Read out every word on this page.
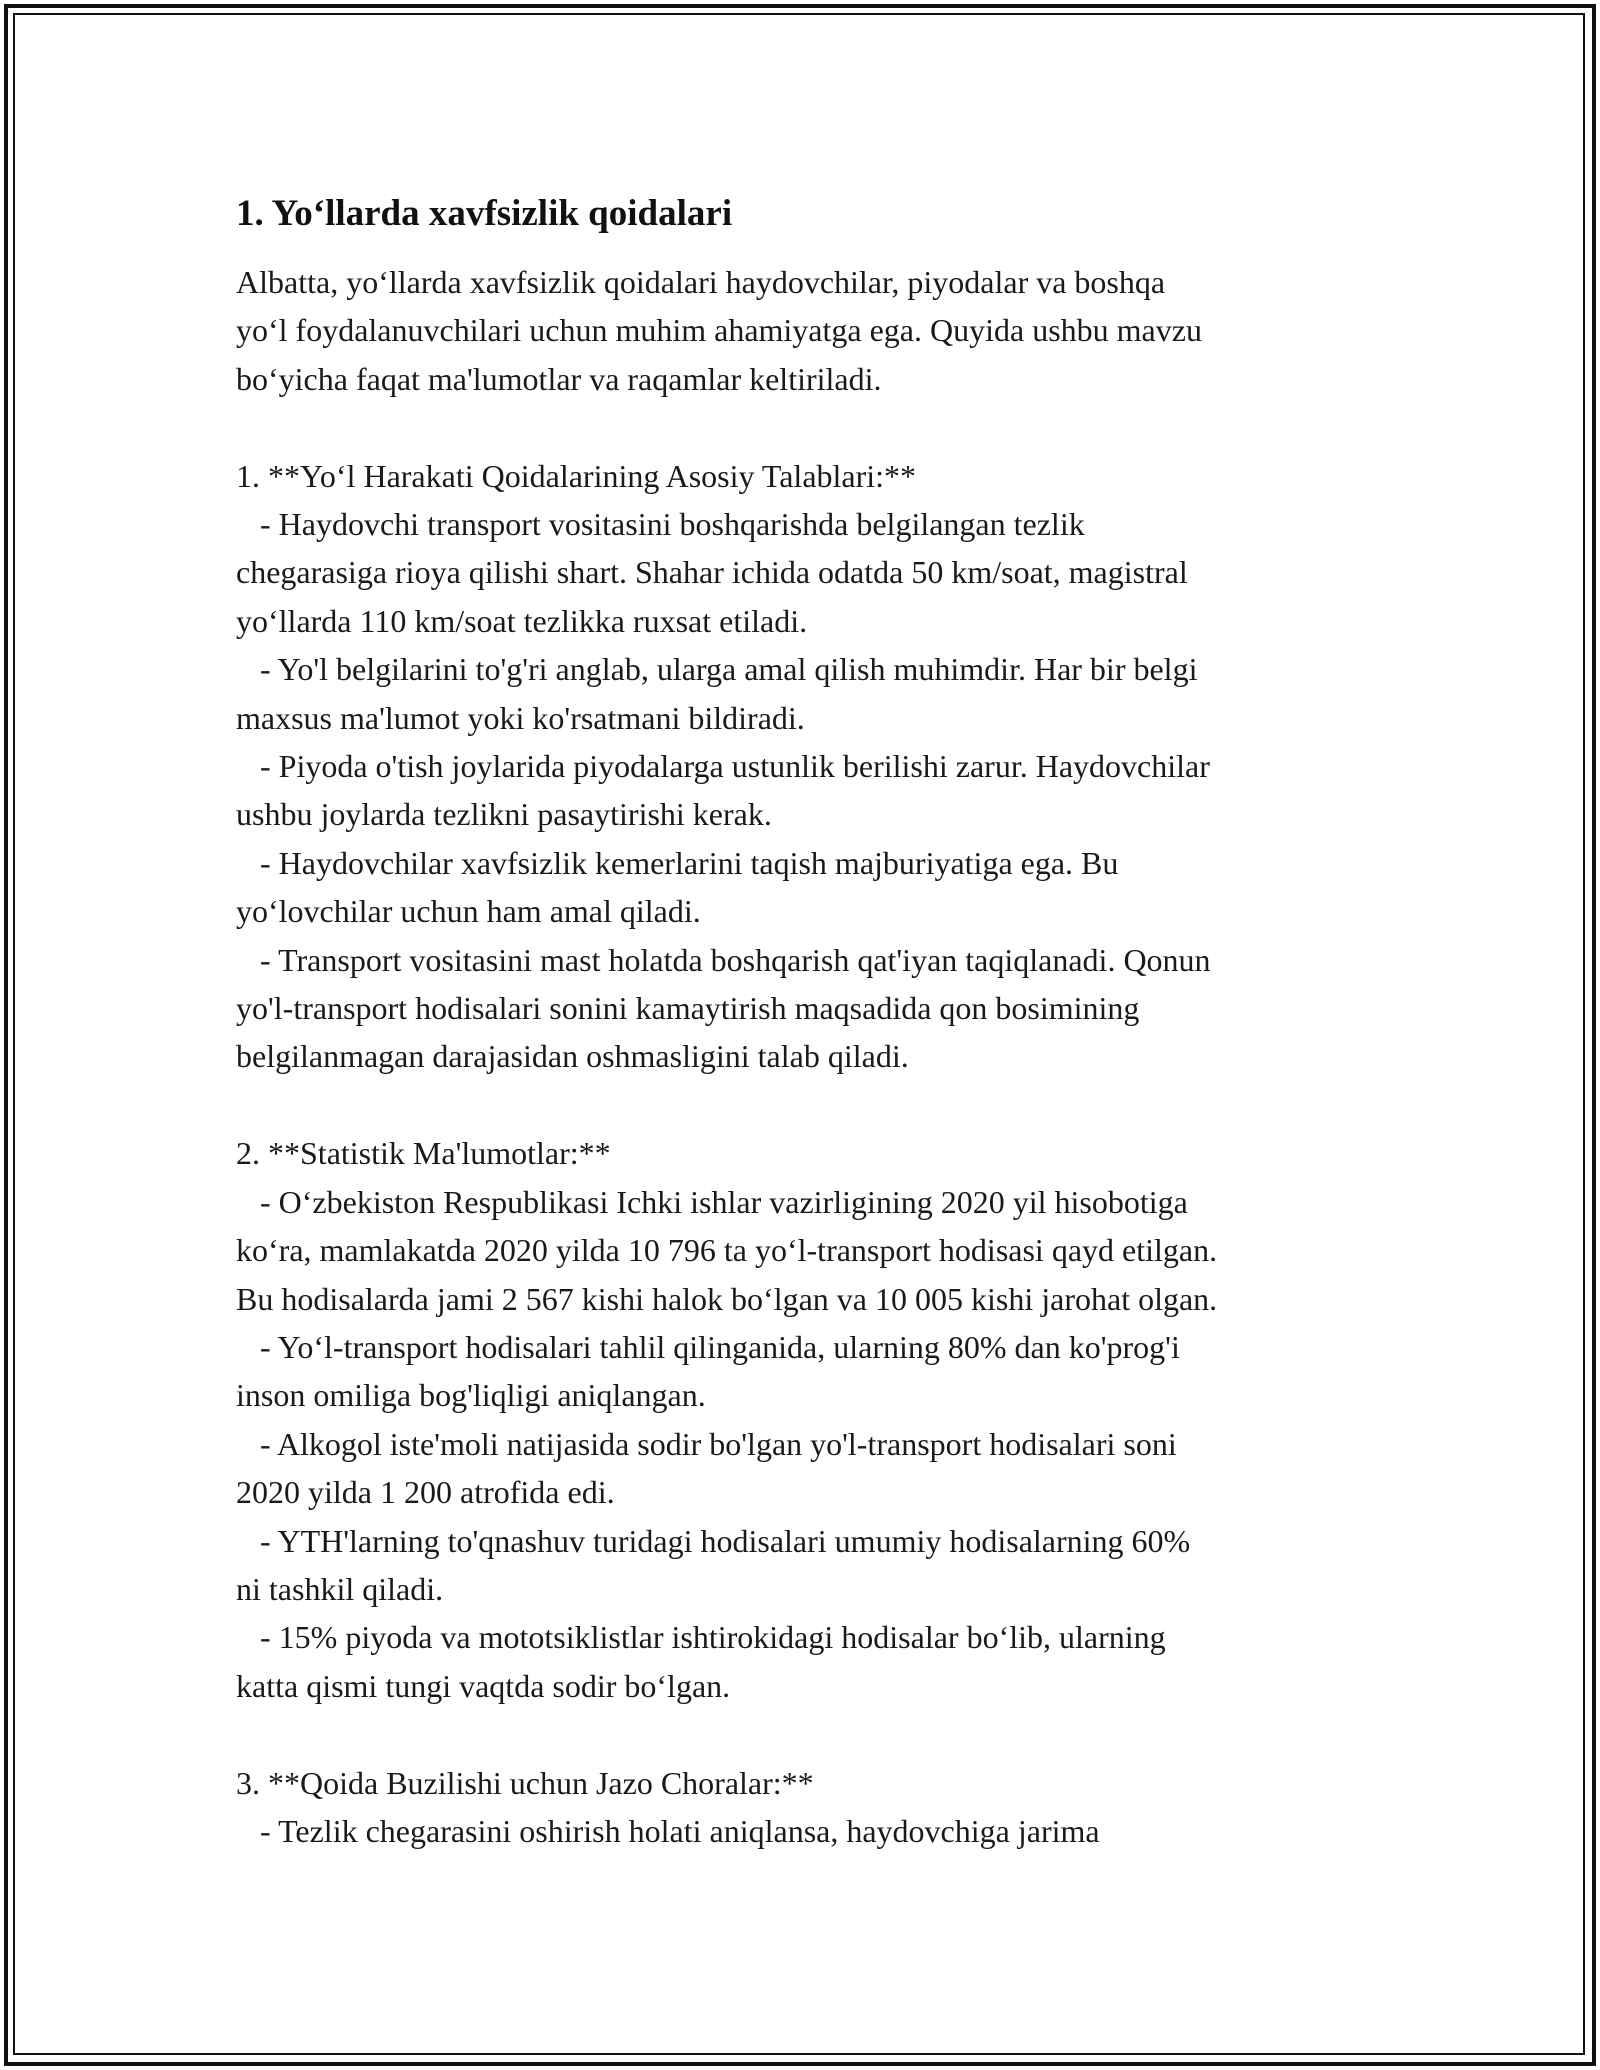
1. Yo‘llarda xavfsizlik qoidalari

Albatta, yo‘llarda xavfsizlik qoidalari haydovchilar, piyodalar va boshqa
yo‘l foydalanuvchilari uchun muhim ahamiyatga ega. Quyida ushbu mavzu
bo‘yicha faqat ma'lumotlar va raqamlar keltiriladi.

1. **Yo‘l Harakati Qoidalarining Asosiy Talablari:**

- Haydovchi transport vositasini boshqarishda belgilangan tezlik
chegarasiga rioya qilishi shart. Shahar ichida odatda 50 km/soat, magistral
yo‘llarda 110 km/soat tezlikka ruxsat etiladi.

- Yo'l belgilarini to'g'ri anglab, ularga amal qilish muhimdir. Har bir belgi
maxsus ma'lumot yoki ko'rsatmani bildiradi.

- Piyoda o'tish joylarida piyodalarga ustunlik berilishi zarur. Haydovchilar
ushbu joylarda tezlikni pasaytirishi kerak.

- Haydovchilar xavfsizlik kemerlarini taqish majburiyatiga ega. Bu
yo‘lovchilar uchun ham amal qiladi.

- Transport vositasini mast holatda boshqarish qat'iyan taqiqlanadi. Qonun
yo'l-transport hodisalari sonini kamaytirish maqsadida qon bosimining
belgilanmagan darajasidan oshmasligini talab qiladi.

2. **Statistik Ma'lumotlar:**

- O‘zbekiston Respublikasi Ichki ishlar vazirligining 2020 yil hisobotiga
ko‘ra, mamlakatda 2020 yilda 10 796 ta yo‘l-transport hodisasi qayd etilgan.
Bu hodisalarda jami 2 567 kishi halok bo‘lgan va 10 005 kishi jarohat olgan.

- Yo‘l-transport hodisalari tahlil qilinganida, ularning 80% dan ko'prog'i
inson omiliga bog'liqligi aniqlangan.

- Alkogol iste'moli natijasida sodir bo'lgan yo'l-transport hodisalari soni
2020 yilda 1 200 atrofida edi.

- YTH'larning to'qnashuv turidagi hodisalari umumiy hodisalarning 60%
ni tashkil qiladi.

- 15% piyoda va mototsiklistlar ishtirokidagi hodisalar bo‘lib, ularning
katta qismi tungi vaqtda sodir bo‘lgan.

3. **Qoida Buzilishi uchun Jazo Choralar:**

- Tezlik chegarasini oshirish holati aniqlansa, haydovchiga jarima
